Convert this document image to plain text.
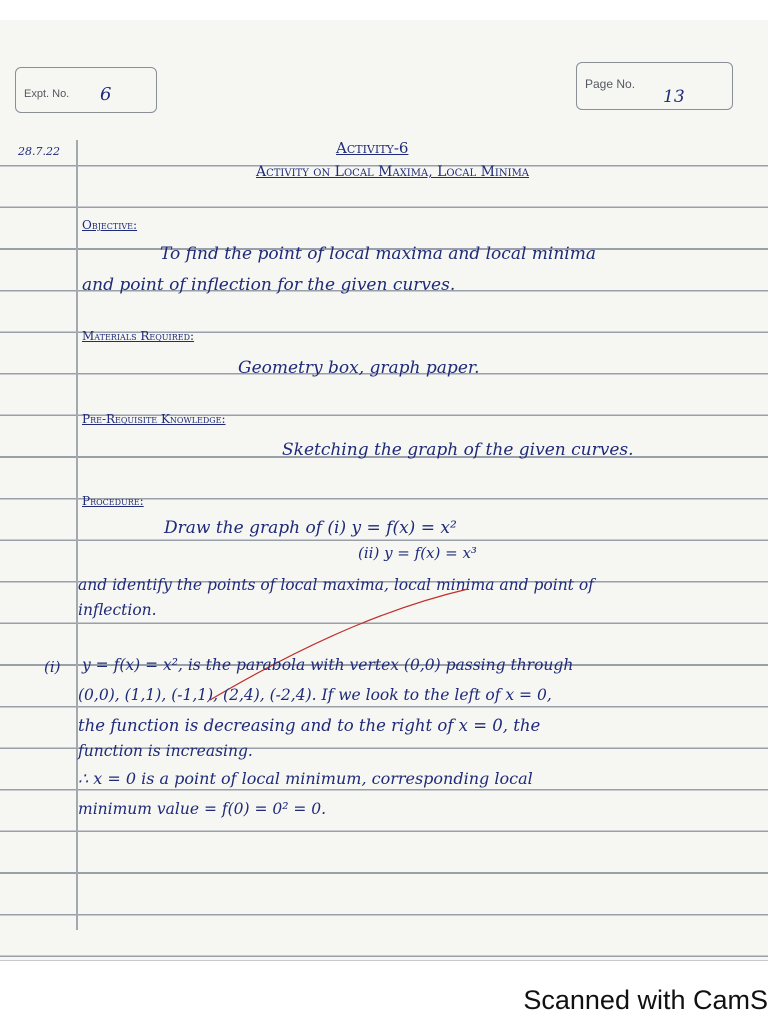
Expt. No. 6	Page No.
13
28.7.22	Activity-6
Activity on Local Maxima, Local Minima
Objective:
To find the point of local maxima and local minima
and point of inflection for the given curves.
Materials Required:
Geometry box, graph paper.
Pre-Requisite Knowledge:
Sketching the graph of the given curves.
Procedure:
Draw the graph of (i) y = f(x) = x²
(ii) y = f(x) = x³
and identify the points of local maxima, local minima and point of
inflection.
(i) y = f(x) = x², is the parabola with vertex (0,0) passing through
(0,0), (1,1), (-1,1), (2,4), (-2,4). If we look to the left of x = 0,
the function is decreasing and to the right of x = 0, the
function is increasing.
∴ x = 0 is a point of local minimum, corresponding local
minimum value = f(0) = 0² = 0.
Scanned with CamS
